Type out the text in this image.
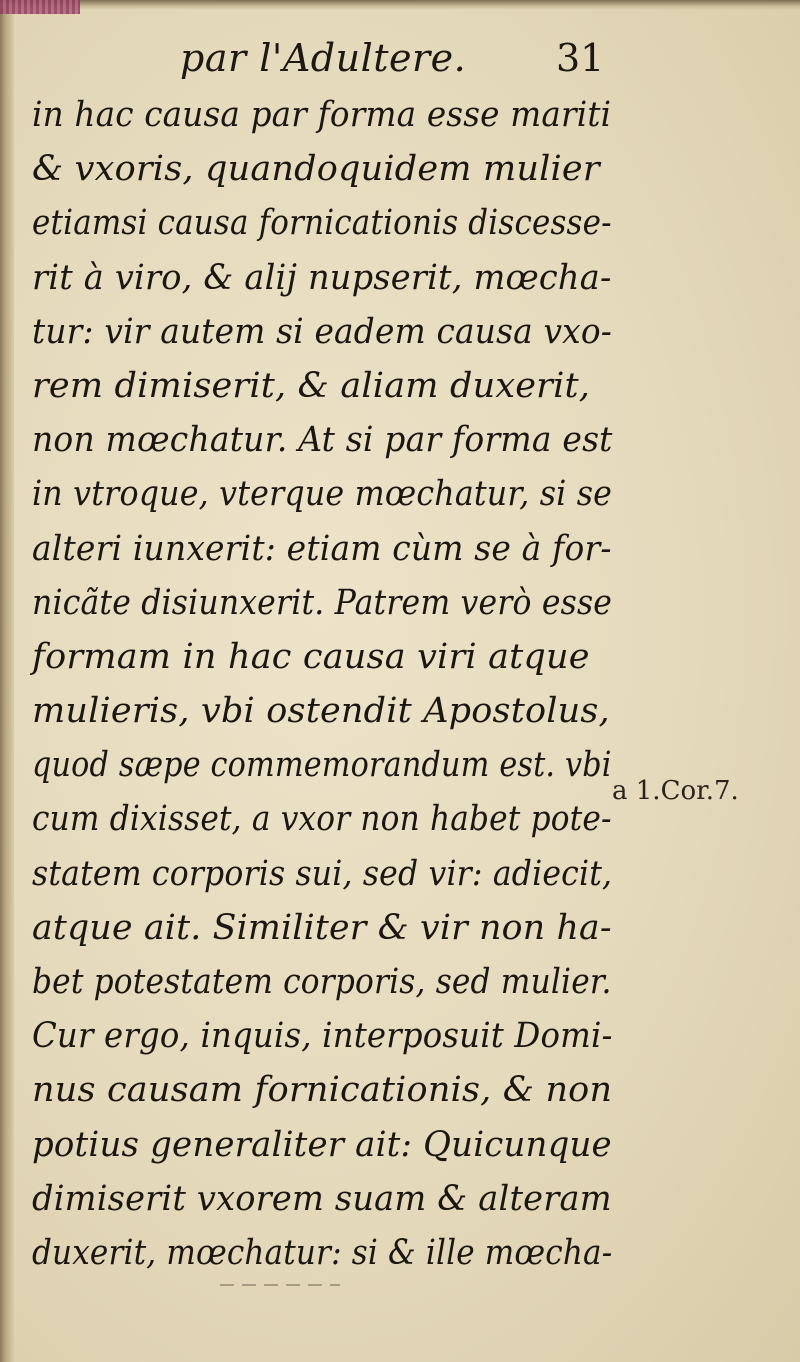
par l'Adultere. 31
in hac causa par forma esse mariti
& vxoris, quandoquidem mulier
etiamsi causa fornicationis discesse-
rit à viro, & alij nupserit, mœcha-
tur: vir autem si eadem causa vxo-
rem dimiserit, & aliam duxerit,
non mœchatur. At si par forma est
in vtroque, vterque mœchatur, si se
alteri iunxerit: etiam cùm se à for-
nicãte disiunxerit. Patrem verò esse
formam in hac causa viri atque
mulieris, vbi ostendit Apostolus,
quod sæpe commemorandum est. vbi
cum dixisset, a vxor non habet pote-
statem corporis sui, sed vir: adiecit,
atque ait. Similiter & vir non ha-
bet potestatem corporis, sed mulier.
Cur ergo, inquis, interposuit Domi-
nus causam fornicationis, & non
potius generaliter ait: Quicunque
dimiserit vxorem suam & alteram
duxerit, mœchatur: si & ille mœcha-
a 1.Cor.7.
